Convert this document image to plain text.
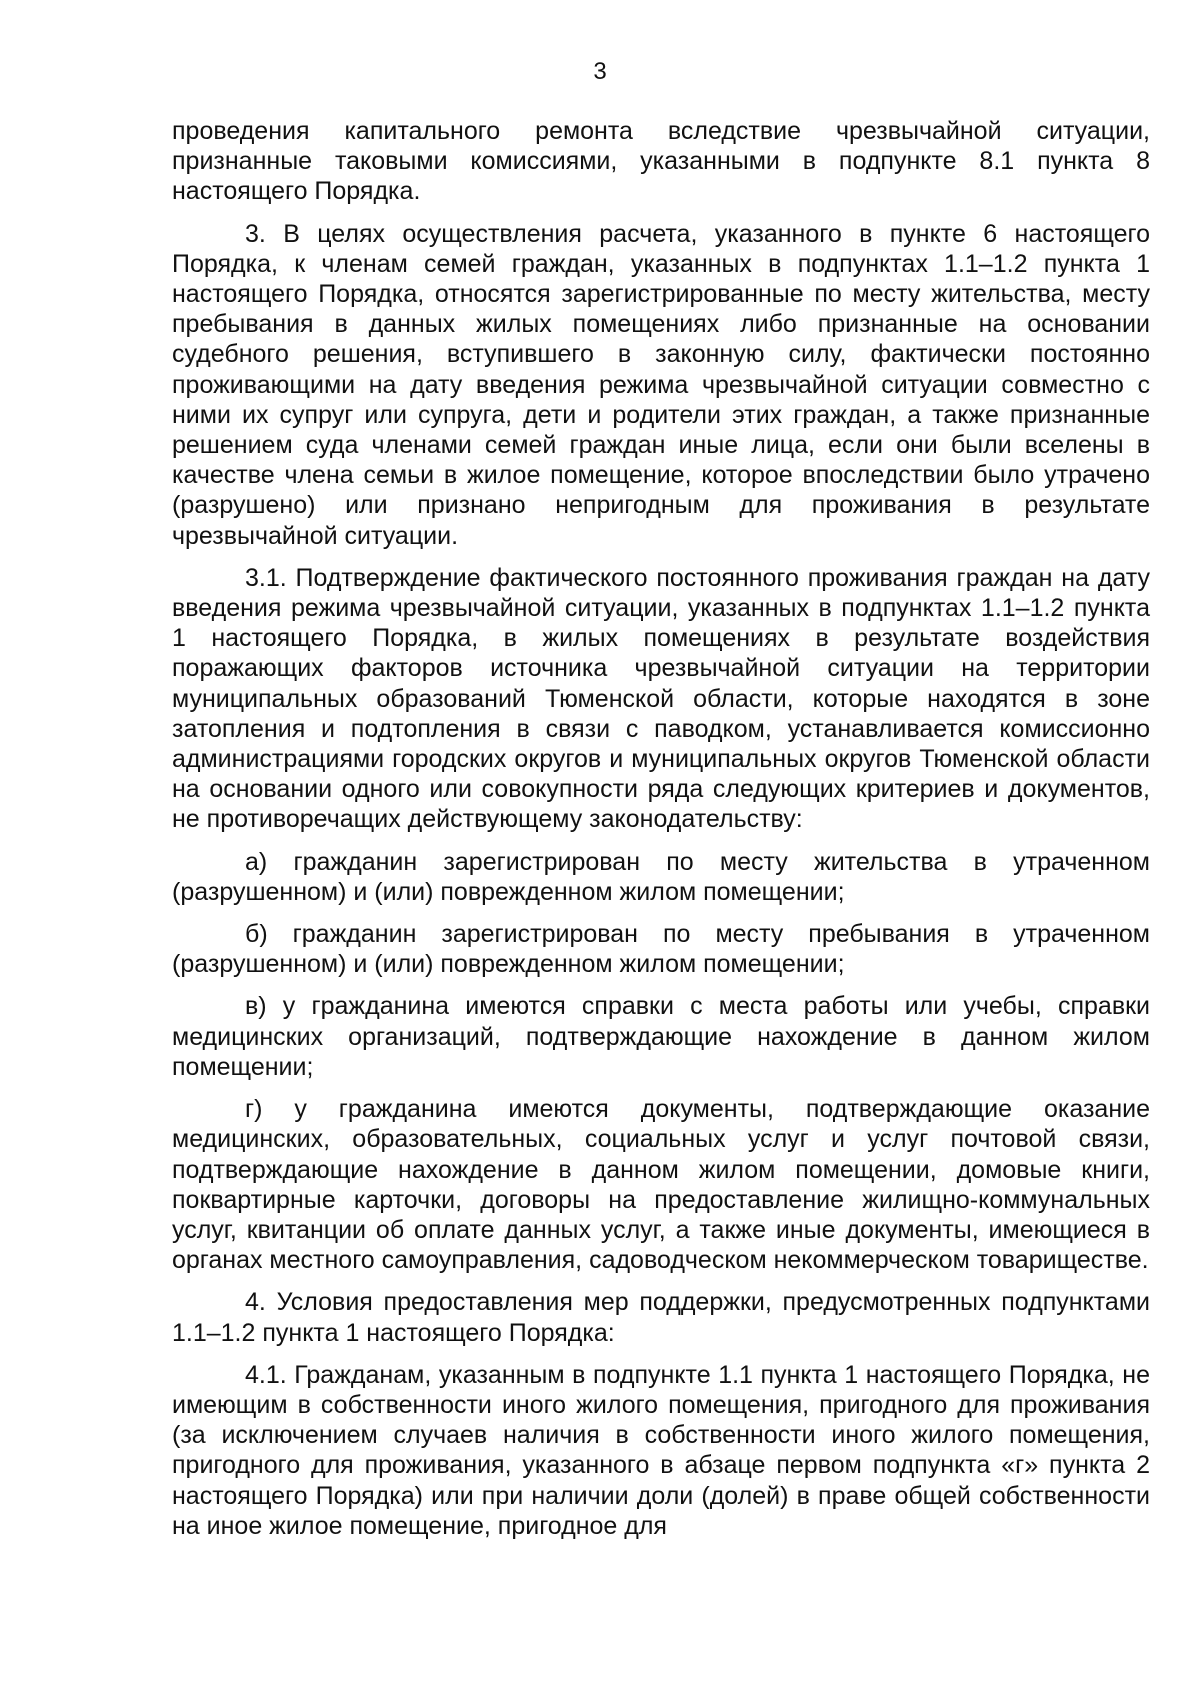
3

проведения капитального ремонта вследствие чрезвычайной ситуации, признанные таковыми комиссиями, указанными в подпункте 8.1 пункта 8 настоящего Порядка.

3. В целях осуществления расчета, указанного в пункте 6 настоящего Порядка, к членам семей граждан, указанных в подпунктах 1.1–1.2 пункта 1 настоящего Порядка, относятся зарегистрированные по месту жительства, месту пребывания в данных жилых помещениях либо признанные на основании судебного решения, вступившего в законную силу, фактически постоянно проживающими на дату введения режима чрезвычайной ситуации совместно с ними их супруг или супруга, дети и родители этих граждан, а также признанные решением суда членами семей граждан иные лица, если они были вселены в качестве члена семьи в жилое помещение, которое впоследствии было утрачено (разрушено) или признано непригодным для проживания в результате чрезвычайной ситуации.

3.1. Подтверждение фактического постоянного проживания граждан на дату введения режима чрезвычайной ситуации, указанных в подпунктах 1.1–1.2 пункта 1 настоящего Порядка, в жилых помещениях в результате воздействия поражающих факторов источника чрезвычайной ситуации на территории муниципальных образований Тюменской области, которые находятся в зоне затопления и подтопления в связи с паводком, устанавливается комиссионно администрациями городских округов и муниципальных округов Тюменской области на основании одного или совокупности ряда следующих критериев и документов, не противоречащих действующему законодательству:

а) гражданин зарегистрирован по месту жительства в утраченном (разрушенном) и (или) поврежденном жилом помещении;

б) гражданин зарегистрирован по месту пребывания в утраченном (разрушенном) и (или) поврежденном жилом помещении;

в) у гражданина имеются справки с места работы или учебы, справки медицинских организаций, подтверждающие нахождение в данном жилом помещении;

г) у гражданина имеются документы, подтверждающие оказание медицинских, образовательных, социальных услуг и услуг почтовой связи, подтверждающие нахождение в данном жилом помещении, домовые книги, поквартирные карточки, договоры на предоставление жилищно-коммунальных услуг, квитанции об оплате данных услуг, а также иные документы, имеющиеся в органах местного самоуправления, садоводческом некоммерческом товариществе.

4. Условия предоставления мер поддержки, предусмотренных подпунктами 1.1–1.2 пункта 1 настоящего Порядка:

4.1. Гражданам, указанным в подпункте 1.1 пункта 1 настоящего Порядка, не имеющим в собственности иного жилого помещения, пригодного для проживания (за исключением случаев наличия в собственности иного жилого помещения, пригодного для проживания, указанного в абзаце первом подпункта «г» пункта 2 настоящего Порядка) или при наличии доли (долей) в праве общей собственности на иное жилое помещение, пригодное для
